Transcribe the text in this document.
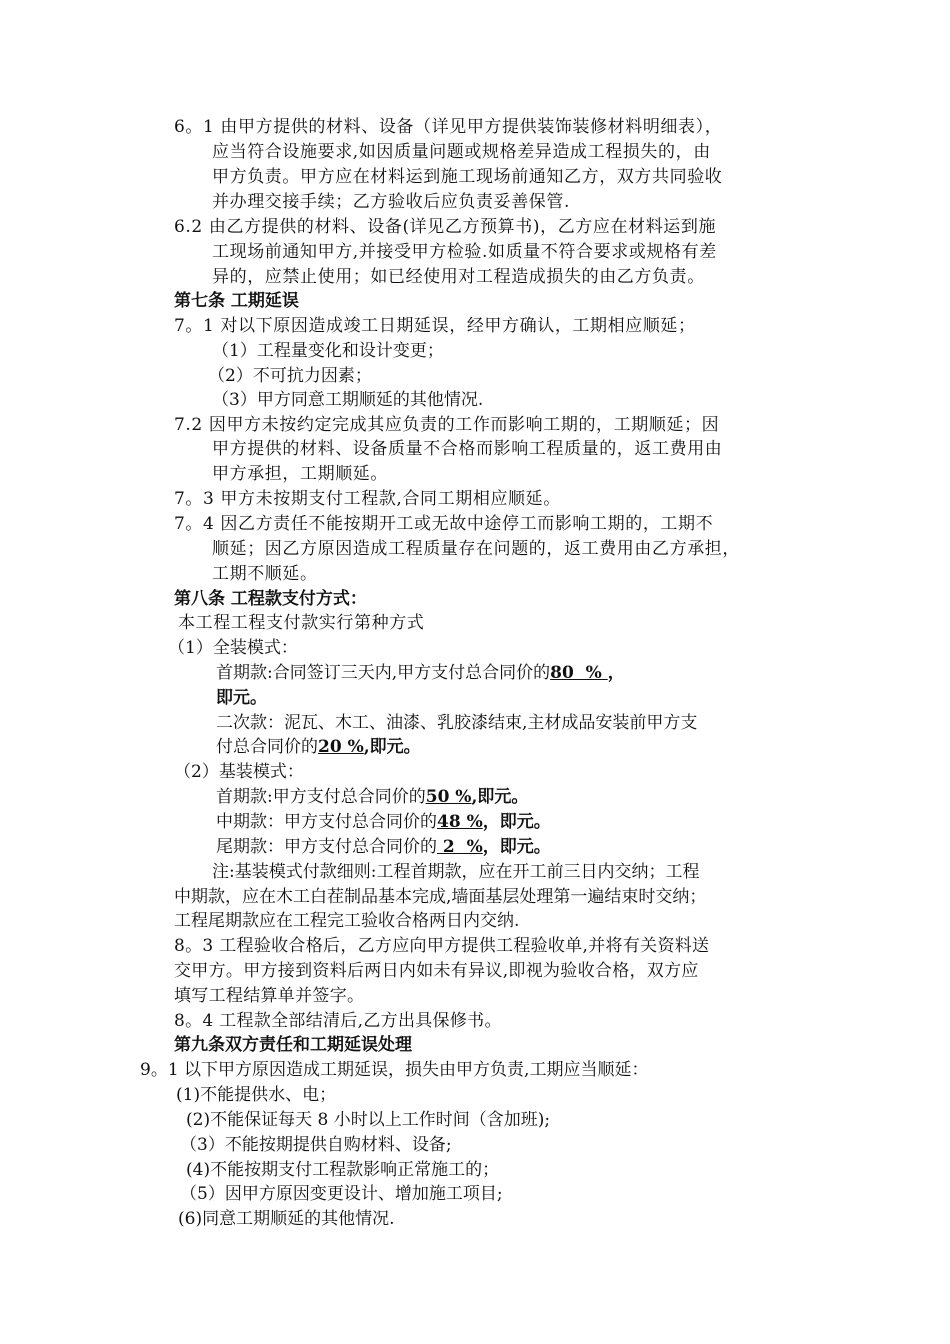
6。1 由甲方提供的材料、设备（详见甲方提供装饰装修材料明细表），
应当符合设施要求,如因质量问题或规格差异造成工程损失的，由
甲方负责。甲方应在材料运到施工现场前通知乙方，双方共同验收
并办理交接手续；乙方验收后应负责妥善保管.
6.2 由乙方提供的材料、设备(详见乙方预算书)，乙方应在材料运到施
工现场前通知甲方,并接受甲方检验.如质量不符合要求或规格有差
异的，应禁止使用；如已经使用对工程造成损失的由乙方负责。
第七条 工期延误
7。1 对以下原因造成竣工日期延误，经甲方确认，工期相应顺延；
（1）工程量变化和设计变更；
（2）不可抗力因素；
（3）甲方同意工期顺延的其他情况.
7.2 因甲方未按约定完成其应负责的工作而影响工期的，工期顺延；因
甲方提供的材料、设备质量不合格而影响工程质量的，返工费用由
甲方承担，工期顺延。
7。3 甲方未按期支付工程款,合同工期相应顺延。
7。4 因乙方责任不能按期开工或无故中途停工而影响工期的，工期不
顺延；因乙方原因造成工程质量存在问题的，返工费用由乙方承担，
工期不顺延。
第八条 工程款支付方式：
本工程工程支付款实行第种方式
（1）全装模式：
首期款:合同签订三天内,甲方支付总合同价的80  % ，
即元。
二次款：泥瓦、木工、油漆、乳胶漆结束,主材成品安装前甲方支
付总合同价的20 %,即元。
（2）基装模式：
首期款:甲方支付总合同价的50 %,即元。
中期款：甲方支付总合同价的48 %，即元。
尾期款：甲方支付总合同价的 2  %，即元。
注:基装模式付款细则:工程首期款，应在开工前三日内交纳；工程
中期款，应在木工白茬制品基本完成,墙面基层处理第一遍结束时交纳；
工程尾期款应在工程完工验收合格两日内交纳.
8。3 工程验收合格后，乙方应向甲方提供工程验收单,并将有关资料送
交甲方。甲方接到资料后两日内如未有异议,即视为验收合格，双方应
填写工程结算单并签字。
8。4 工程款全部结清后,乙方出具保修书。
第九条双方责任和工期延误处理
9。1 以下甲方原因造成工期延误，损失由甲方负责,工期应当顺延：
(1)不能提供水、电；
(2)不能保证每天 8 小时以上工作时间（含加班);
（3）不能按期提供自购材料、设备;
(4)不能按期支付工程款影响正常施工的；
（5）因甲方原因变更设计、增加施工项目;
(6)同意工期顺延的其他情况.
